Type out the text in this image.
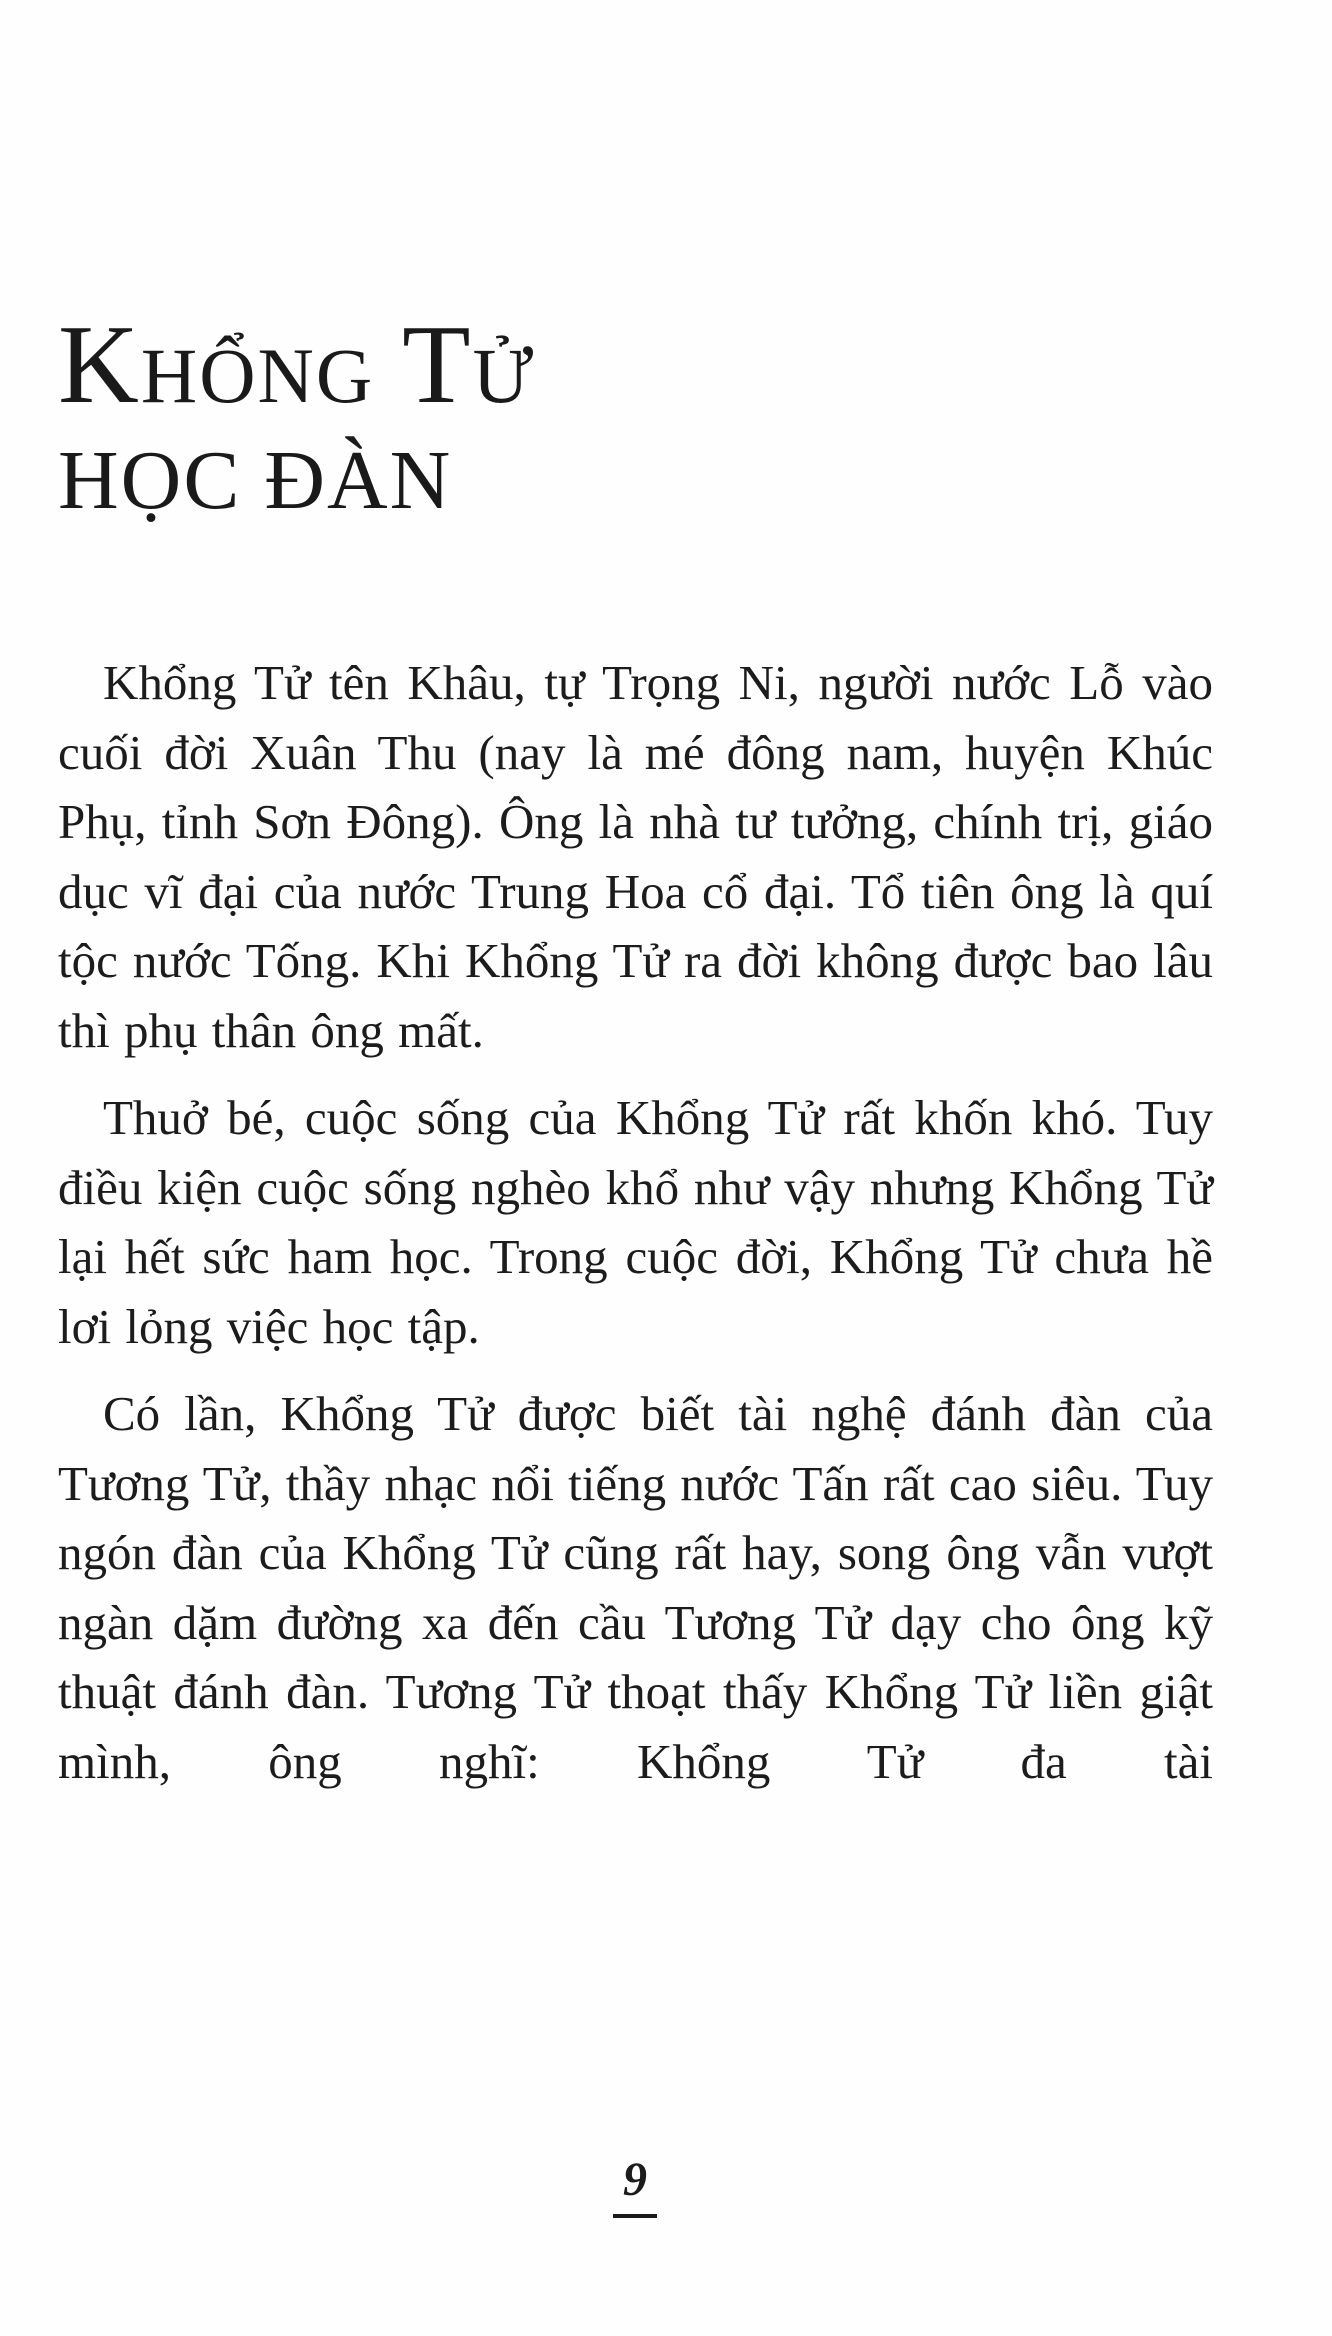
Khổng Tử
HỌC ĐÀN

Khổng Tử tên Khâu, tự Trọng Ni, người nước Lỗ vào cuối đời Xuân Thu (nay là mé đông nam, huyện Khúc Phụ, tỉnh Sơn Đông). Ông là nhà tư tưởng, chính trị, giáo dục vĩ đại của nước Trung Hoa cổ đại. Tổ tiên ông là quí tộc nước Tống. Khi Khổng Tử ra đời không được bao lâu thì phụ thân ông mất.

Thuở bé, cuộc sống của Khổng Tử rất khốn khó. Tuy điều kiện cuộc sống nghèo khổ như vậy nhưng Khổng Tử lại hết sức ham học. Trong cuộc đời, Khổng Tử chưa hề lơi lỏng việc học tập.

Có lần, Khổng Tử được biết tài nghệ đánh đàn của Tương Tử, thầy nhạc nổi tiếng nước Tấn rất cao siêu. Tuy ngón đàn của Khổng Tử cũng rất hay, song ông vẫn vượt ngàn dặm đường xa đến cầu Tương Tử dạy cho ông kỹ thuật đánh đàn. Tương Tử thoạt thấy Khổng Tử liền giật mình, ông nghĩ: Khổng Tử đa tài

9
